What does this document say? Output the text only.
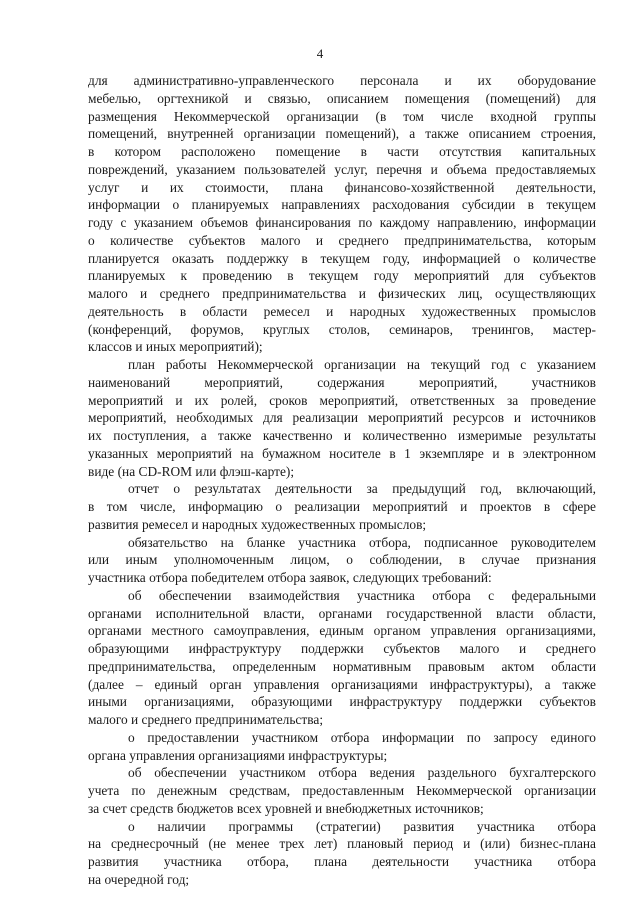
4
для административно-управленческого персонала и их оборудование
мебелью, оргтехникой и связью, описанием помещения (помещений) для
размещения Некоммерческой организации (в том числе входной группы
помещений, внутренней организации помещений), а также описанием строения,
в котором расположено помещение в части отсутствия капитальных
повреждений, указанием пользователей услуг, перечня и объема предоставляемых
услуг и их стоимости, плана финансово-хозяйственной деятельности,
информации о планируемых направлениях расходования субсидии в текущем
году с указанием объемов финансирования по каждому направлению, информации
о количестве субъектов малого и среднего предпринимательства, которым
планируется оказать поддержку в текущем году, информацией о количестве
планируемых к проведению в текущем году мероприятий для субъектов
малого и среднего предпринимательства и физических лиц, осуществляющих
деятельность в области ремесел и народных художественных промыслов
(конференций, форумов, круглых столов, семинаров, тренингов, мастер-
классов и иных мероприятий);
план работы Некоммерческой организации на текущий год с указанием
наименований мероприятий, содержания мероприятий, участников
мероприятий и их ролей, сроков мероприятий, ответственных за проведение
мероприятий, необходимых для реализации мероприятий ресурсов и источников
их поступления, а также качественно и количественно измеримые результаты
указанных мероприятий на бумажном носителе в 1 экземпляре и в электронном
виде (на CD-ROM или флэш-карте);
отчет о результатах деятельности за предыдущий год, включающий,
в том числе, информацию о реализации мероприятий и проектов в сфере
развития ремесел и народных художественных промыслов;
обязательство на бланке участника отбора, подписанное руководителем
или иным уполномоченным лицом, о соблюдении, в случае признания
участника отбора победителем отбора заявок, следующих требований:
об обеспечении взаимодействия участника отбора с федеральными
органами исполнительной власти, органами государственной власти области,
органами местного самоуправления, единым органом управления организациями,
образующими инфраструктуру поддержки субъектов малого и среднего
предпринимательства, определенным нормативным правовым актом области
(далее – единый орган управления организациями инфраструктуры), а также
иными организациями, образующими инфраструктуру поддержки субъектов
малого и среднего предпринимательства;
о предоставлении участником отбора информации по запросу единого
органа управления организациями инфраструктуры;
об обеспечении участником отбора ведения раздельного бухгалтерского
учета по денежным средствам, предоставленным Некоммерческой организации
за счет средств бюджетов всех уровней и внебюджетных источников;
о наличии программы (стратегии) развития участника отбора
на среднесрочный (не менее трех лет) плановый период и (или) бизнес-плана
развития участника отбора, плана деятельности участника отбора
на очередной год;
